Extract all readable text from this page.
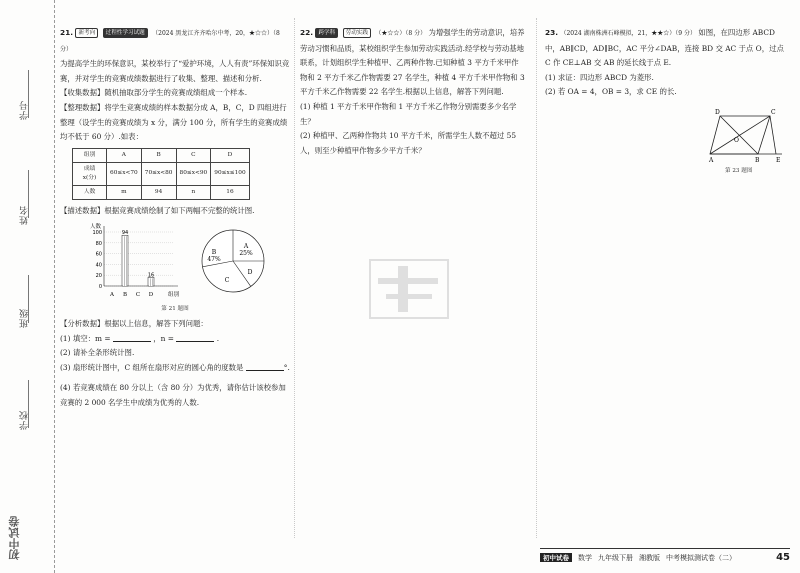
学号
姓名
班级
学校
初中试卷

21. 新考向 过程性学习试题 （2024 黑龙江齐齐哈尔中考，20，★☆☆）（8 分）

为提高学生的环保意识，某校举行了“爱护环境，人人有责”环保知识竞赛，并对学生的竞赛成绩数据进行了收集、整理、描述和分析.

【收集数据】随机抽取部分学生的竞赛成绩组成一个样本.

【整理数据】将学生竞赛成绩的样本数据分成 A，B，C，D 四组进行整理（设学生的竞赛成绩为 x 分，满分 100 分，所有学生的竞赛成绩均不低于 60 分）.如表：

组别	A	B	C	D
成绩 x(分)	60≤x<70	70≤x<80	80≤x<90	90≤x≤100
人数	m	94	n	16

【描述数据】根据竞赛成绩绘制了如下两幅不完整的统计图.

0
20
40
60
80
100
人数
组别
A
94
B C
16
D
A
25%
B
47%
C
D

第 21 题图

【分析数据】根据以上信息，解答下列问题：

(1) 填空：m =	，n =	.

(2) 请补全条形统计图.

(3) 扇形统计图中，C 组所在扇形对应的圆心角的度数是	°.

(4) 若竞赛成绩在 80 分以上（含 80 分）为优秀，请你估计该校参加竞赛的 2 000 名学生中成绩为优秀的人数.

22. 跨学科 劳动实践 （★☆☆）（8 分） 为增强学生的劳动意识，培养劳动习惯和品质，某校组织学生参加劳动实践活动.经学校与劳动基地联系，计划组织学生种植甲、乙两种作物.已知种植 3 平方千米甲作物和 2 平方千米乙作物需要 27 名学生，种植 4 平方千米甲作物和 3 平方千米乙作物需要 22 名学生.根据以上信息，解答下列问题.

(1) 种植 1 平方千米甲作物和 1 平方千米乙作物分别需要多少名学生？

(2) 种植甲、乙两种作物共 10 平方千米，所需学生人数不超过 55 人，则至少种植甲作物多少平方千米？

23. （2024 湖南株洲石峰模拟，21，★★☆）（9 分） 如图，在四边形 ABCD 中，AB∥CD，AD∥BC，AC 平分∠DAB，连接 BD 交 AC 于点 O，过点 C 作 CE⊥AB 交 AB 的延长线于点 E.

(1) 求证：四边形 ABCD 为菱形.

(2) 若 OA = 4，OB = 3，求 CE 的长.

D	C
A	B	E
O

第 23 题图

初中试卷	数学 九年级下册 湘教版 中考模拟测试卷（二）	45
